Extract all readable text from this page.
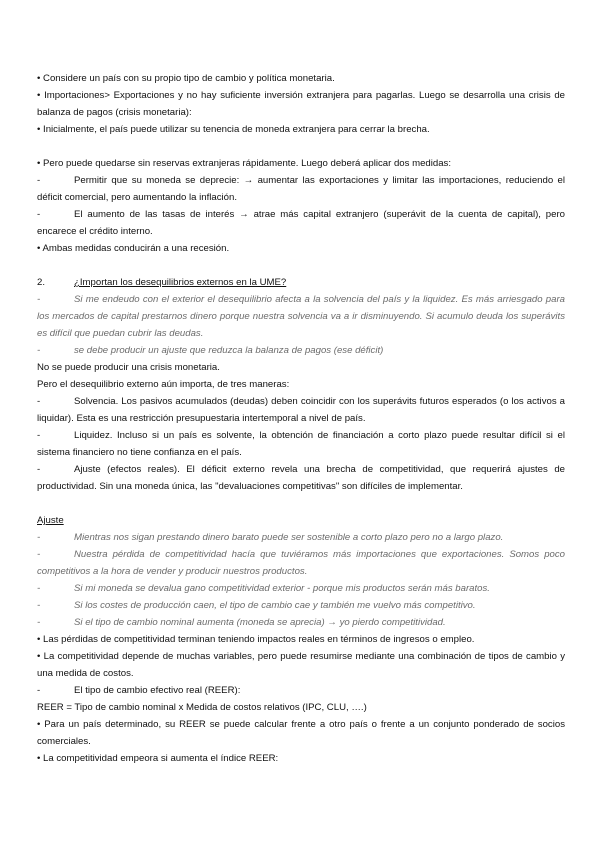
• Considere un país con su propio tipo de cambio y política monetaria.

• Importaciones> Exportaciones y no hay suficiente inversión extranjera para pagarlas. Luego se desarrolla una crisis de balanza de pagos (crisis monetaria):

• Inicialmente, el país puede utilizar su tenencia de moneda extranjera para cerrar la brecha.

• Pero puede quedarse sin reservas extranjeras rápidamente. Luego deberá aplicar dos medidas:

-	Permitir que su moneda se deprecie: → aumentar las exportaciones y limitar las importaciones, reduciendo el déficit comercial, pero aumentando la inflación.

-	El aumento de las tasas de interés → atrae más capital extranjero (superávit de la cuenta de capital), pero encarece el crédito interno.

• Ambas medidas conducirán a una recesión.

2.	¿Importan los desequilibrios externos en la UME?

-	Si me endeudo con el exterior el desequilibrio afecta a la solvencia del país y la liquidez. Es más arriesgado para los mercados de capital prestarnos dinero porque nuestra solvencia va a ir disminuyendo. Si acumulo deuda los superávits es difícil que puedan cubrir las deudas.

-	se debe producir un ajuste que reduzca la balanza de pagos (ese déficit)

No se puede producir una crisis monetaria.

Pero el desequilibrio externo aún importa, de tres maneras:

-	Solvencia. Los pasivos acumulados (deudas) deben coincidir con los superávits futuros esperados (o los activos a liquidar). Esta es una restricción presupuestaria intertemporal a nivel de país.

-	Liquidez. Incluso si un país es solvente, la obtención de financiación a corto plazo puede resultar difícil si el sistema financiero no tiene confianza en el país.

-	Ajuste (efectos reales). El déficit externo revela una brecha de competitividad, que requerirá ajustes de productividad. Sin una moneda única, las "devaluaciones competitivas" son difíciles de implementar.

Ajuste

-	Mientras nos sigan prestando dinero barato puede ser sostenible a corto plazo pero no a largo plazo.

-	Nuestra pérdida de competitividad hacía que tuviéramos más importaciones que exportaciones. Somos poco competitivos a la hora de vender y producir nuestros productos.

-	Si mi moneda se devalua gano competitividad exterior - porque mis productos serán más baratos.

-	Si los costes de producción caen, el tipo de cambio cae y también me vuelvo más competitivo.

-	Si el tipo de cambio nominal aumenta (moneda se aprecia) → yo pierdo competitividad.

• Las pérdidas de competitividad terminan teniendo impactos reales en términos de ingresos o empleo.

• La competitividad depende de muchas variables, pero puede resumirse mediante una combinación de tipos de cambio y una medida de costos.

-	El tipo de cambio efectivo real (REER):

REER = Tipo de cambio nominal x Medida de costos relativos (IPC, CLU, ….)

• Para un país determinado, su REER se puede calcular frente a otro país o frente a un conjunto ponderado de socios comerciales.

• La competitividad empeora si aumenta el índice REER:
